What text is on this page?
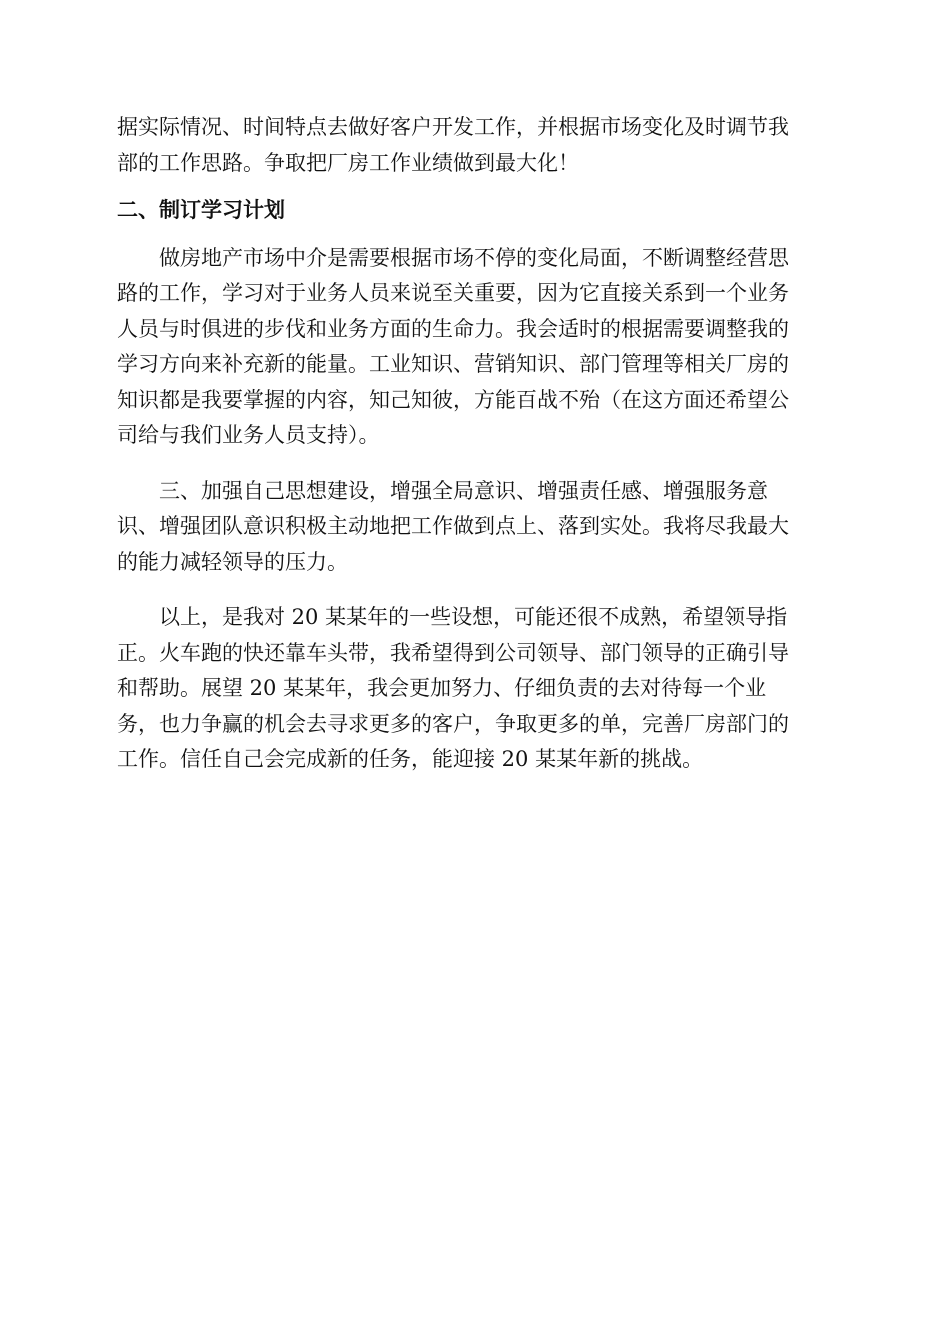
据实际情况、时间特点去做好客户开发工作，并根据市场变化及时调节我
部的工作思路。争取把厂房工作业绩做到最大化！

二、制订学习计划

做房地产市场中介是需要根据市场不停的变化局面，不断调整经营思
路的工作，学习对于业务人员来说至关重要，因为它直接关系到一个业务
人员与时俱进的步伐和业务方面的生命力。我会适时的根据需要调整我的
学习方向来补充新的能量。工业知识、营销知识、部门管理等相关厂房的
知识都是我要掌握的内容，知己知彼，方能百战不殆（在这方面还希望公
司给与我们业务人员支持）。

三、加强自己思想建设，增强全局意识、增强责任感、增强服务意
识、增强团队意识积极主动地把工作做到点上、落到实处。我将尽我最大
的能力减轻领导的压力。

以上，是我对 20 某某年的一些设想，可能还很不成熟，希望领导指
正。火车跑的快还靠车头带，我希望得到公司领导、部门领导的正确引导
和帮助。展望 20 某某年，我会更加努力、仔细负责的去对待每一个业
务，也力争赢的机会去寻求更多的客户，争取更多的单，完善厂房部门的
工作。信任自己会完成新的任务，能迎接 20 某某年新的挑战。
